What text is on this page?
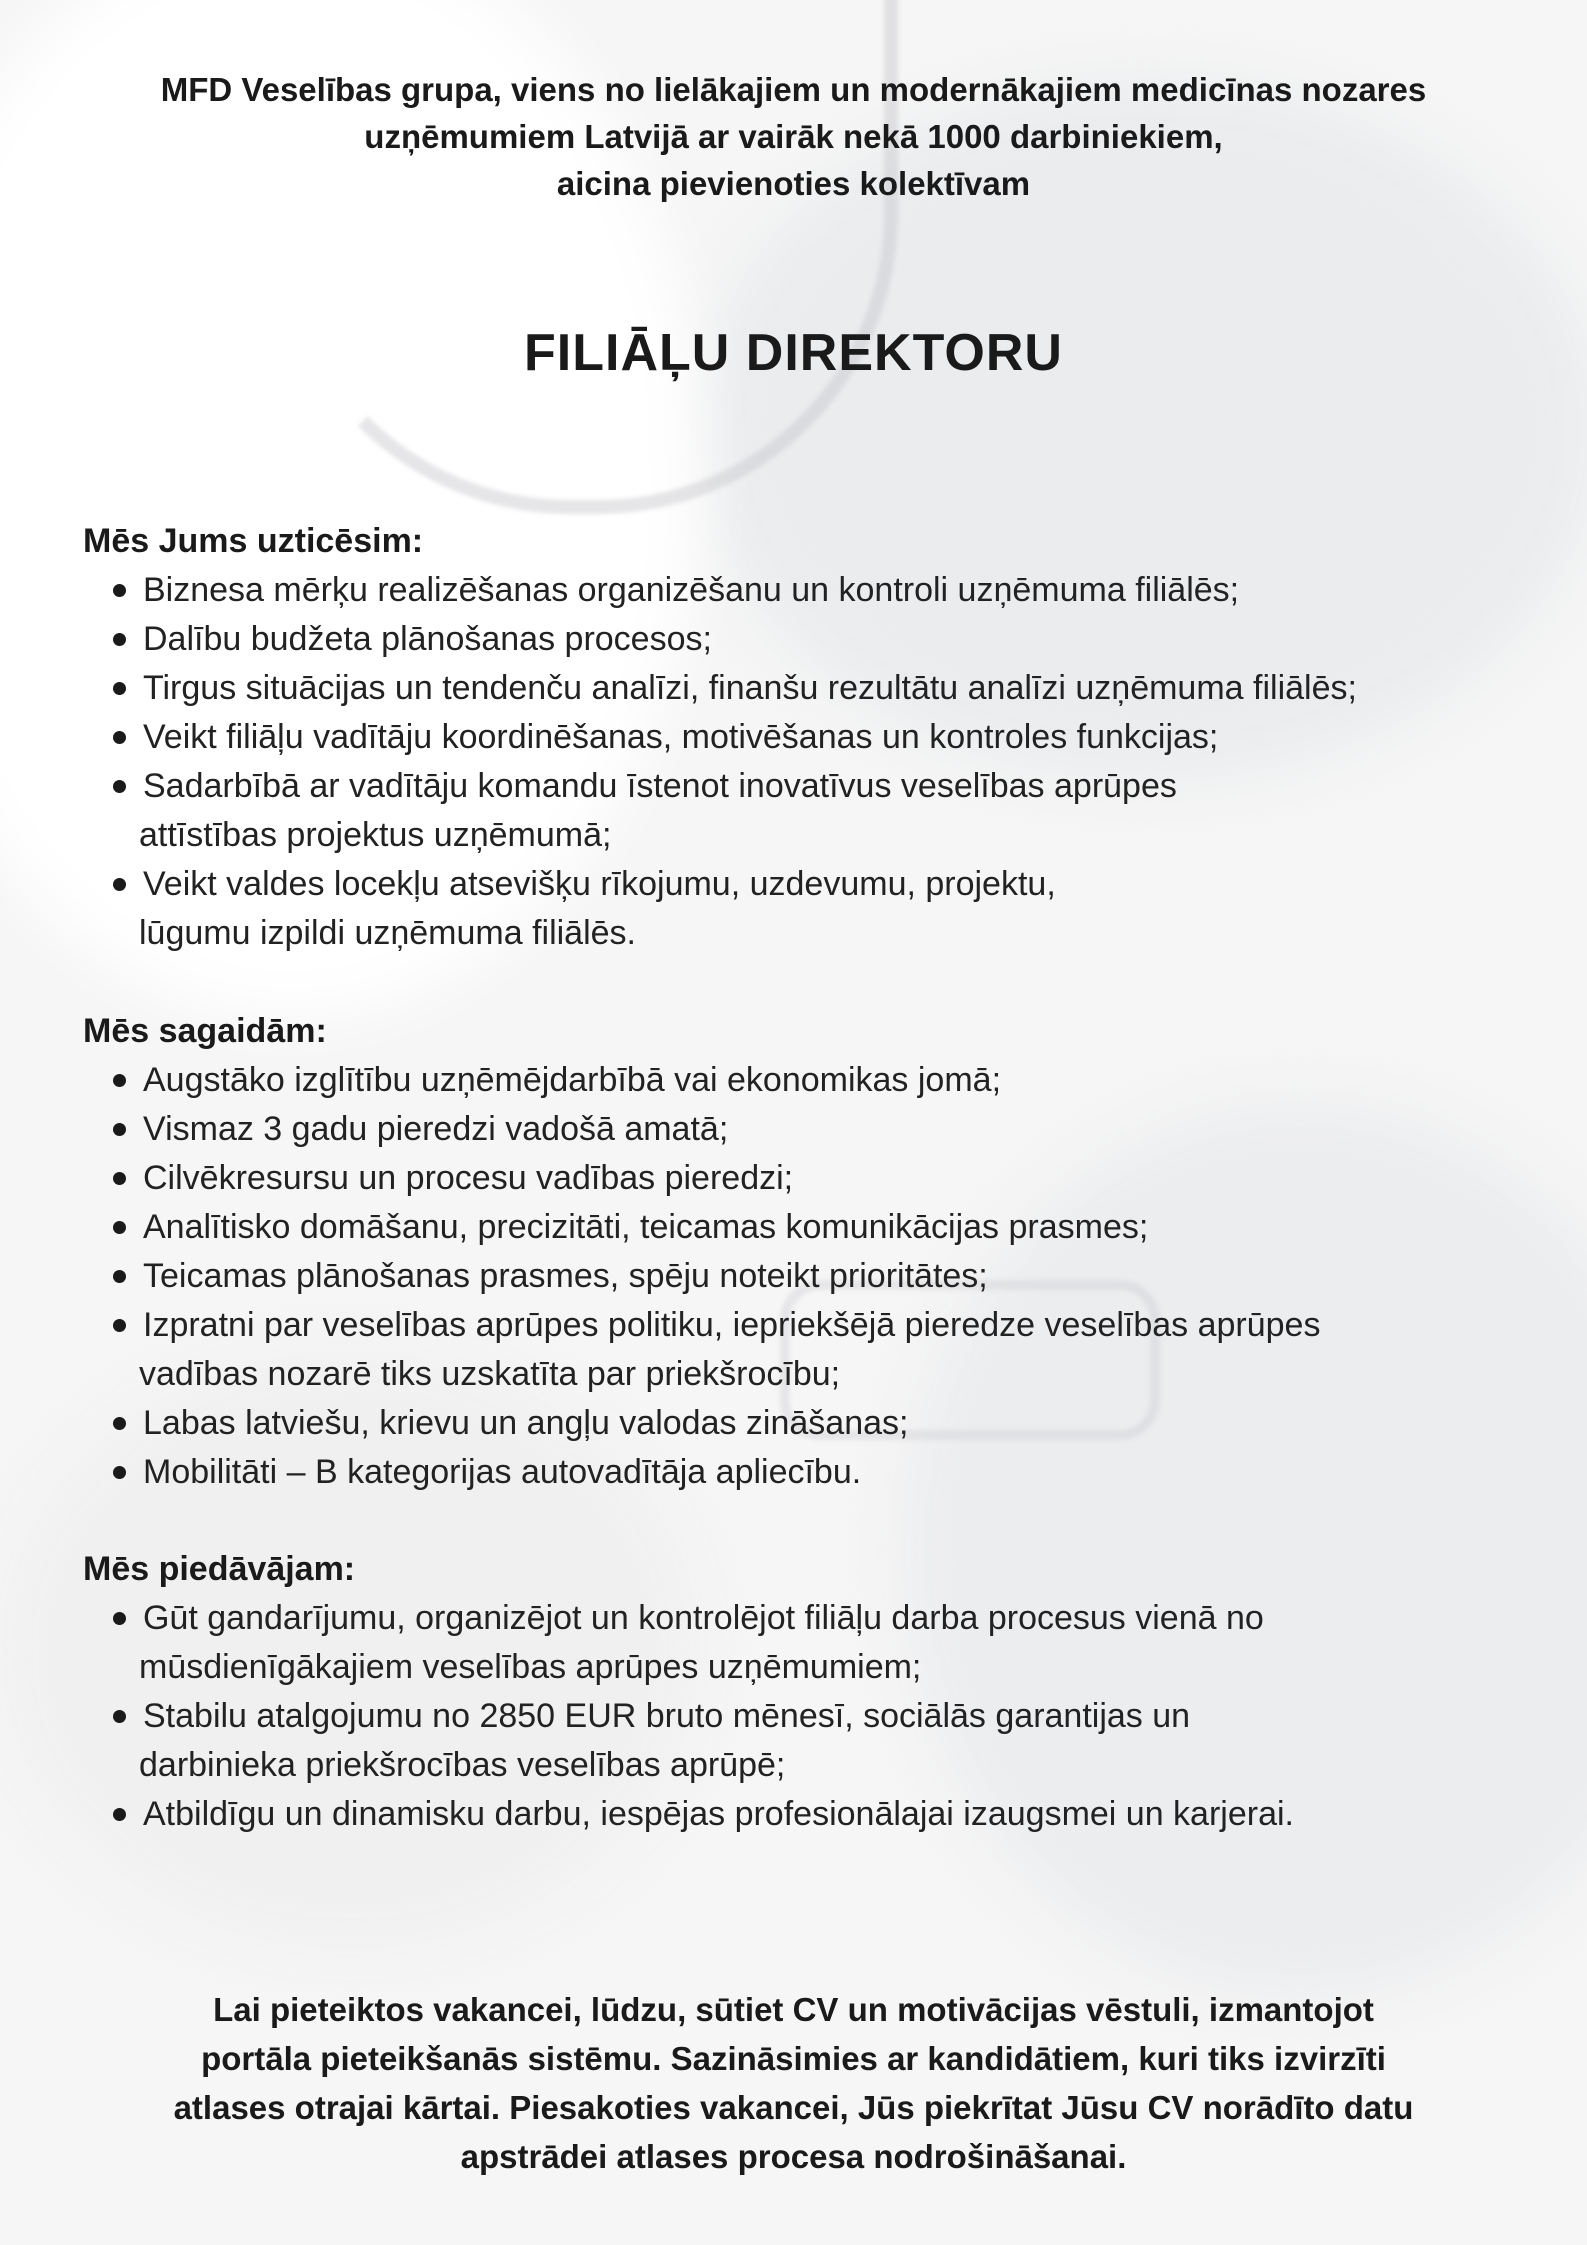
MFD Veselības grupa, viens no lielākajiem un modernākajiem medicīnas nozares
uzņēmumiem Latvijā ar vairāk nekā 1000 darbiniekiem,
aicina pievienoties kolektīvam
FILIĀĻU DIREKTORU
Mēs Jums uzticēsim:
Biznesa mērķu realizēšanas organizēšanu un kontroli uzņēmuma filiālēs;
Dalību budžeta plānošanas procesos;
Tirgus situācijas un tendenču analīzi, finanšu rezultātu analīzi uzņēmuma filiālēs;
Veikt filiāļu vadītāju koordinēšanas, motivēšanas un kontroles funkcijas;
Sadarbībā ar vadītāju komandu īstenot inovatīvus veselības aprūpes
attīstības projektus uzņēmumā;
Veikt valdes locekļu atsevišķu rīkojumu, uzdevumu, projektu,
lūgumu izpildi uzņēmuma filiālēs.
Mēs sagaidām:
Augstāko izglītību uzņēmējdarbībā vai ekonomikas jomā;
Vismaz 3 gadu pieredzi vadošā amatā;
Cilvēkresursu un procesu vadības pieredzi;
Analītisko domāšanu, precizitāti, teicamas komunikācijas prasmes;
Teicamas plānošanas prasmes, spēju noteikt prioritātes;
Izpratni par veselības aprūpes politiku, iepriekšējā pieredze veselības aprūpes
vadības nozarē tiks uzskatīta par priekšrocību;
Labas latviešu, krievu un angļu valodas zināšanas;
Mobilitāti – B kategorijas autovadītāja apliecību.
Mēs piedāvājam:
Gūt gandarījumu, organizējot un kontrolējot filiāļu darba procesus vienā no
mūsdienīgākajiem veselības aprūpes uzņēmumiem;
Stabilu atalgojumu no 2850 EUR bruto mēnesī, sociālās garantijas un
darbinieka priekšrocības veselības aprūpē;
Atbildīgu un dinamisku darbu, iespējas profesionālajai izaugsmei un karjerai.
Lai pieteiktos vakancei, lūdzu, sūtiet CV un motivācijas vēstuli, izmantojot
portāla pieteikšanās sistēmu. Sazināsimies ar kandidātiem, kuri tiks izvirzīti
atlases otrajai kārtai. Piesakoties vakancei, Jūs piekrītat Jūsu CV norādīto datu
apstrādei atlases procesa nodrošināšanai.
